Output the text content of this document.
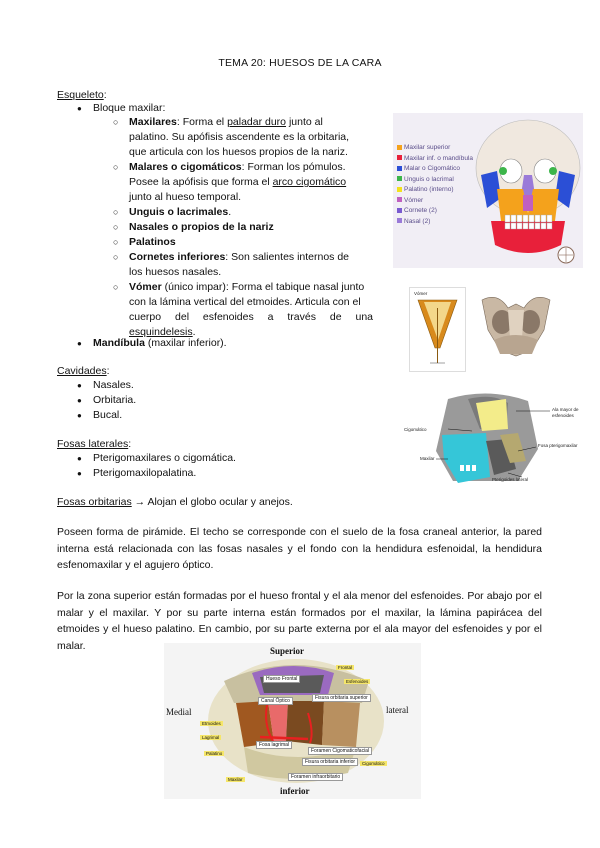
TEMA 20: HUESOS DE LA CARA
Esqueleto:
● Bloque maxilar:
○ Maxilares: Forma el paladar duro junto al
palatino. Su apófisis ascendente es la orbitaria,
que articula con los huesos propios de la nariz.
○ Malares o cigomáticos: Forman los pómulos.
Posee la apófisis que forma el arco cigomático
junto al hueso temporal.
○ Unguis o lacrimales.
○ Nasales o propios de la nariz
○ Palatinos
○ Cornetes inferiores: Son salientes internos de
los huesos nasales.
○ Vómer (único impar): Forma el tabique nasal junto
con la lámina vertical del etmoides. Articula con el
cuerpo del esfenoides a través de una esquindelesis.
● Mandíbula (maxilar inferior).
Cavidades:
● Nasales.
● Orbitaria.
● Bucal.
Fosas laterales:
● Pterigomaxilares o cigomática.
● Pterigomaxilopalatina.
Fosas orbitarias → Alojan el globo ocular y anejos.
Poseen forma de pirámide. El techo se corresponde con el suelo de la fosa craneal anterior, la pared interna está relacionada con las fosas nasales y el fondo con la hendidura esfenoidal, la hendidura esfenomaxilar y el agujero óptico.
Por la zona superior están formadas por el hueso frontal y el ala menor del esfenoides. Por abajo por el malar y el maxilar. Y por su parte interna están formados por el maxilar, la lámina papirácea del etmoides y el hueso palatino. En cambio, por su parte externa por el ala mayor del esfenoides y por el malar.
Maxilar superior
Maxilar inf. o mandíbula
Malar o Cigomático
Unguis o lacrimal
Palatino (interno)
Vómer
Cornete (2)
Nasal (2)
Vómer
Ala mayor de esfenoides
Cigomático
Fosa pterigomaxilar
Maxilar
Pterigoides lateral
Superior
inferior
Medial	lateral
Hueso Frontal
Canal Óptico	Fisura orbitaria superior
Fosa lagrimal
Foramen Cigomaticofacial
Fisura orbitaria inferior
Foramen infraorbitario
Frontal
Esfenoides
Etmoides
Lagrimal
Maxilar
Cigomático
Palatino
